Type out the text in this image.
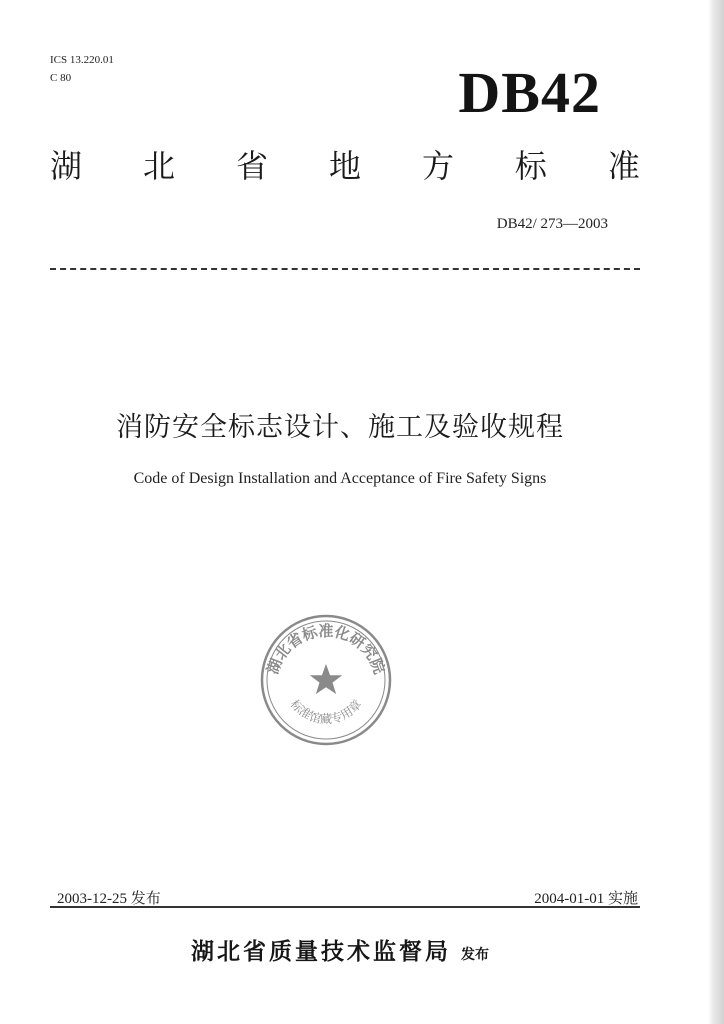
ICS 13.220.01
C 80	DB42
湖 北 省 地 方 标 准
DB42/ 273—2003
消防安全标志设计、施工及验收规程
Code of Design Installation and Acceptance of Fire Safety Signs
湖北省标准化研究院
标准馆藏专用章
2003-12-25 发布	2004-01-01 实施
湖北省质量技术监督局 发布
